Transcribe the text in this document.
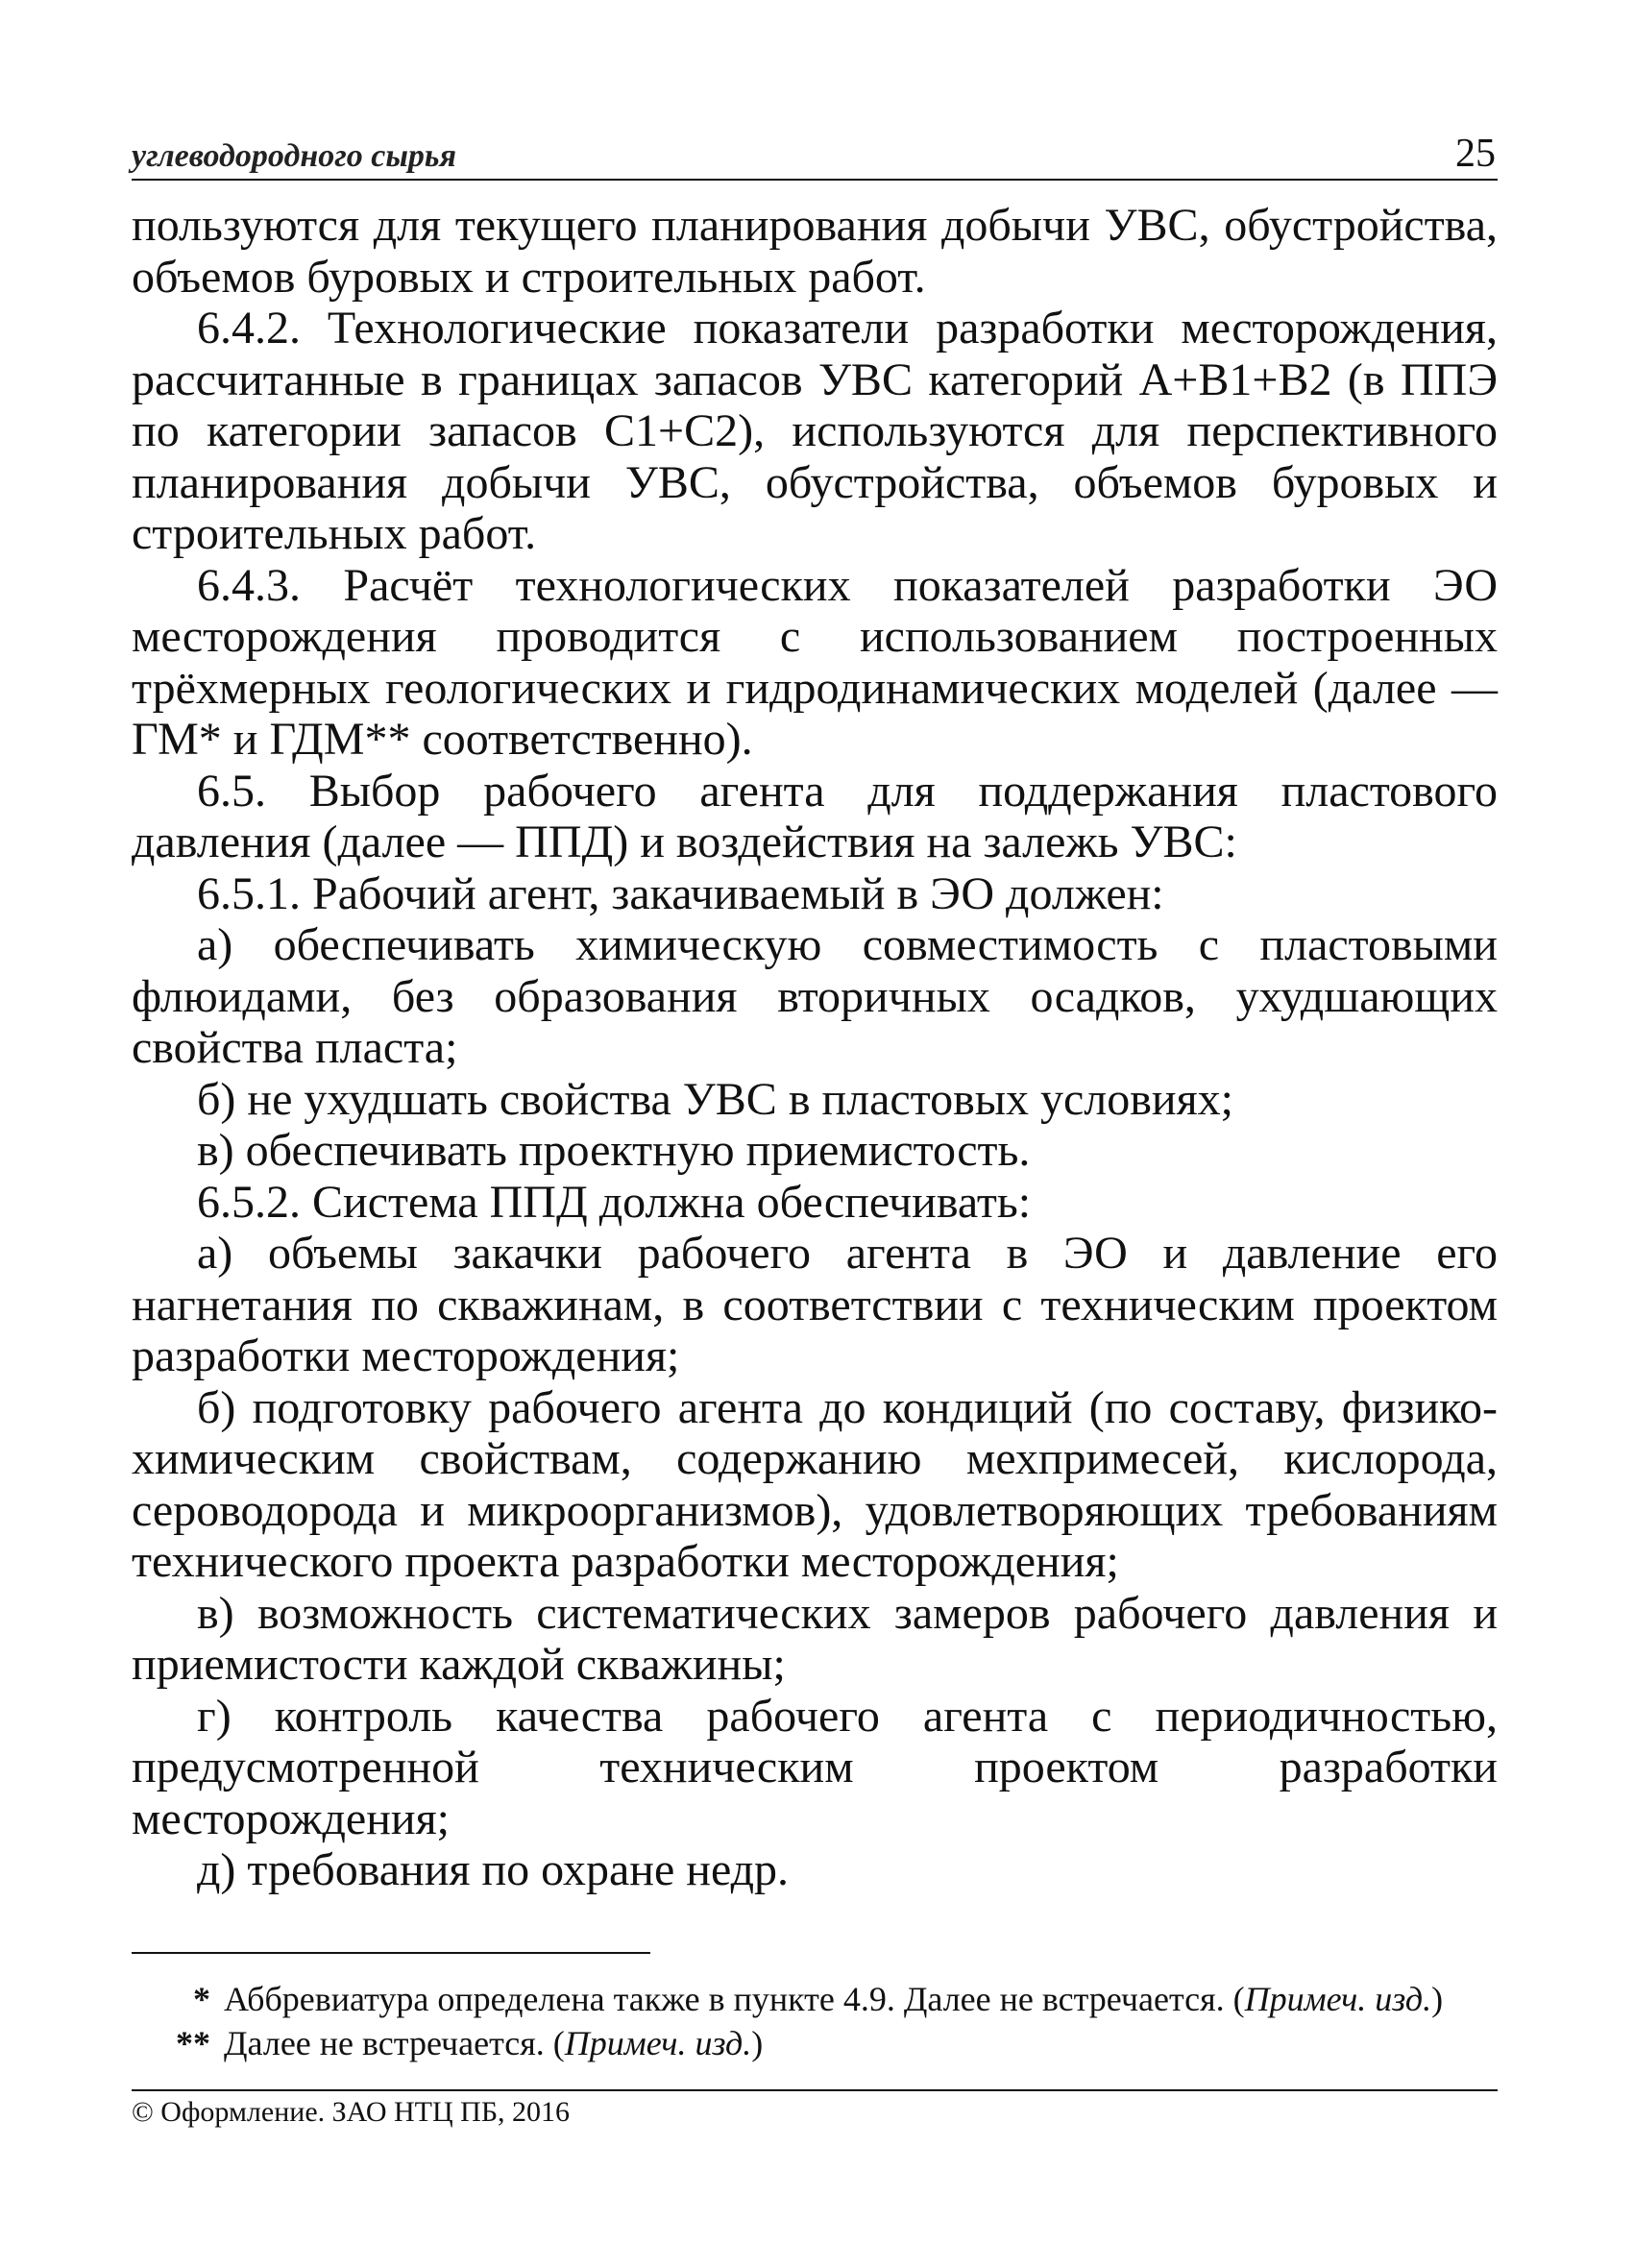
углеводородного сырья	25

пользуются для текущего планирования добычи УВС, обустройства, объемов буровых и строительных работ.

6.4.2. Технологические показатели разработки месторождения, рассчитанные в границах запасов УВС категорий А+В1+В2 (в ППЭ по категории запасов С1+С2), используются для перспективного планирования добычи УВС, обустройства, объемов буровых и строительных работ.

6.4.3. Расчёт технологических показателей разработки ЭО месторождения проводится с использованием построенных трёхмерных геологических и гидродинамических моделей (далее — ГМ* и ГДМ** соответственно).

6.5. Выбор рабочего агента для поддержания пластового давления (далее — ППД) и воздействия на залежь УВС:

6.5.1. Рабочий агент, закачиваемый в ЭО должен:

а) обеспечивать химическую совместимость с пластовыми флюидами, без образования вторичных осадков, ухудшающих свойства пласта;

б) не ухудшать свойства УВС в пластовых условиях;

в) обеспечивать проектную приемистость.

6.5.2. Система ППД должна обеспечивать:

а) объемы закачки рабочего агента в ЭО и давление его нагнетания по скважинам, в соответствии с техническим проектом разработки месторождения;

б) подготовку рабочего агента до кондиций (по составу, физико-химическим свойствам, содержанию мехпримесей, кислорода, сероводорода и микроорганизмов), удовлетворяющих требованиям технического проекта разработки месторождения;

в) возможность систематических замеров рабочего давления и приемистости каждой скважины;

г) контроль качества рабочего агента с периодичностью, предусмотренной техническим проектом разработки месторождения;

д) требования по охране недр.

* Аббревиатура определена также в пункте 4.9. Далее не встречается. (Примеч. изд.)
** Далее не встречается. (Примеч. изд.)
© Оформление. ЗАО НТЦ ПБ, 2016
